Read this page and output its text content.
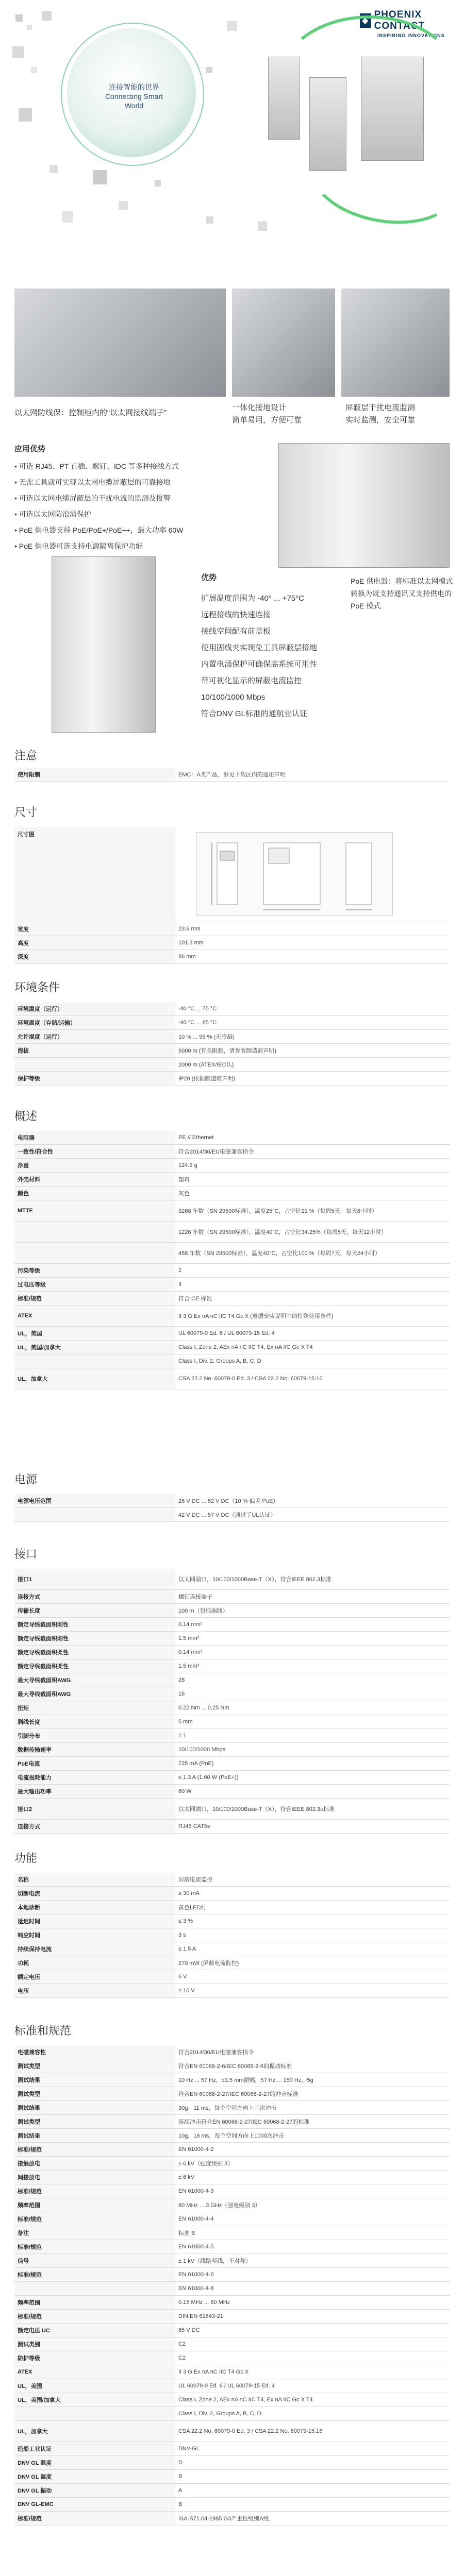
连接智能的世界
Connecting Smart World
◆
PHOENIX CONTACT
INSPIRING INNOVATIONS
以太网防线保：控制柜内的“以太网接线端子”
一体化接地设计
简单易用，方便可靠
屏蔽层干扰电流监测
实时监测，安全可靠
应用优势
• 可选 RJ45、PT 直插、螺钉、IDC 等多种接线方式
• 无需工具就可实现以太网电缆屏蔽层的可靠接地
• 可选以太网电缆屏蔽层的干扰电流的监测及报警
• 可选以太网防浪涌保护
• PoE 供电器支持 PoE/PoE+/PoE++，最大功率 60W
• PoE 供电器可选支持电源隔离保护功能
优势
扩展温度范围为 -40° ... +75°C
远程接线的快速连接
接线空间配有前盖板
使用固线夹实现免工具屏蔽层接地
内置电涌保护可确保高系统可用性
带可视化显示的屏蔽电流监控
10/100/1000 Mbps
符合DNV GL标准的通航业认证
PoE 供电器：将标准以太网模式转换为既支持通讯又支持供电的 PoE 模式
注意
使用限制	EMC：A类产品，参见下载区内的通用声明
尺寸
尺寸图	
宽度	23.6 mm
高度	101.3 mm
深度	86 mm
环境条件
环境温度（运行）	-40 °C ... 75 °C
环境温度（存储/运输）	-40 °C ... 85 °C
允许湿度（运行）	10 % ... 95 % (无冷凝)
海拔	5000 m (有关限制，请参看制造商声明)
	2000 m (ATEX/IEC认)
保护等级	IP20 (依据制造商声明)
概述
电阻器	PE // Ethernet
一致性/符合性	符合2014/30/EU电磁兼容指令
净重	124.2 g
外壳材料	塑料
颜色	灰色
MTTF	3268 年数（SN 29500标准），温度25°C，占空比21 %（每周5天，每天8小时）
	1226 年数（SN 29500标准），温度40°C，占空比34.25%（每周5天，每天12小时）
	468 年数（SN 29500标准），温度40°C，占空比100 %（每周7天，每天24小时）
污染等级	2
过电压等级	II
标准/规范	符合 CE 标准
ATEX	II 3 G Ex nA nC IIC T4 Gc X (遵循安装说明中的特殊使用条件)
UL，美国	UL 60079-0 Ed. 6 / UL 60079-15 Ed. 4
UL，美国/加拿大	Class I, Zone 2, AEx nA nC IIC T4, Ex nA IIC Gc X T4
	Class I, Div. 2, Groups A, B, C, D
UL，加拿大	CSA 22.2 No. 60079-0 Ed. 3 / CSA 22.2 No. 60079-15:16
电源
电源电压范围	26 V DC ... 52 V DC（10 % 偏差 PoE）
	42 V DC ... 57 V DC（通过了UL认证）
接口
接口1	以太网端口，10/100/1000Base-T（X），符合IEEE 802.3标准
连接方式	螺钉连接端子
传输长度	100 m（包括端线）
额定导线截面积刚性	0.14 mm²
额定导线截面积刚性	1.5 mm²
额定导线截面积柔性	0.14 mm²
额定导线截面积柔性	1.5 mm²
最大导线截面积AWG	28
最大导线截面积AWG	16
扭矩	0.22 Nm ... 0.25 Nm
剥线长度	5 mm
引脚分布	1:1
数据传输速率	10/100/1000 Mbps
PoE电流	725 mA (PoE)
电流损耗能力	≤ 1.3 A (1.60 W (PoE+))
最大输出功率	60 W
接口2	以太网端口，10/100/1000Base-T（X），符合IEEE 802.3u标准
连接方式	RJ45 CAT5e
功能
名称	屏蔽电流监控
切断电流	≥ 30 mA
本地诊断	黄色LED灯
延迟时间	≤ 3 %
响应时间	3 s
持续保持电流	≤ 1.5 A
功耗	270 mW (屏蔽电流监控)
额定电压	6 V
电压	≤ 10 V
标准和规范
电磁兼容性	符合2014/30/EU电磁兼容指令
测试类型	符合EN 60068-2-6/IEC 60068-2-6的振动标准
测试结果	10 Hz ... 57 Hz，±3.5 mm振幅，57 Hz ... 150 Hz，5g
测试类型	符合EN 60068-2-27/IEC 60068-2-27的冲击标准
测试结果	30g，11 ms，每个空间方向上三次冲击
测试类型	连续冲击符合EN 60068-2-27/IEC 60068-2-27的标准
测试结果	10g，16 ms，每个空间方向上1000次冲击
标准/规范	EN 61000-4-2
接触放电	± 6 kV（强度级别 3）
间接放电	± 6 kV
标准/规范	EN 61000-4-3
频率范围	80 MHz ... 3 GHz（强度级别 3）
标准/规范	EN 61000-4-4
备注	标准 B
标准/规范	EN 61000-4-5
信号	± 1 kV（线路至线，不对称）
标准/规范	EN 61000-4-6
	EN 61000-4-8
频率范围	0.15 MHz ... 80 MHz
标准/规范	DIN EN 61643-21
额定电压 UC	85 V DC
测试类别	C2
防护等级	C2
ATEX	II 3 G Ex nA nC IIC T4 Gc X
UL，美国	UL 60079-0 Ed. 6 / UL 60079-15 Ed. 4
UL，美国/加拿大	Class I, Zone 2, AEx nA nC IIC T4, Ex nA IIC Gc X T4
	Class I, Div. 2, Groups A, B, C, D
UL，加拿大	CSA 22.2 No. 60079-0 Ed. 3 / CSA 22.2 No. 60079-15:16
造船工业认证	DNV-GL
DNV GL 温度	D
DNV GL 湿度	B
DNV GL 振动	A
DNV GL-EMC	B
标准/规范	ISA-S71.04-1985 G3严重性级别A级
